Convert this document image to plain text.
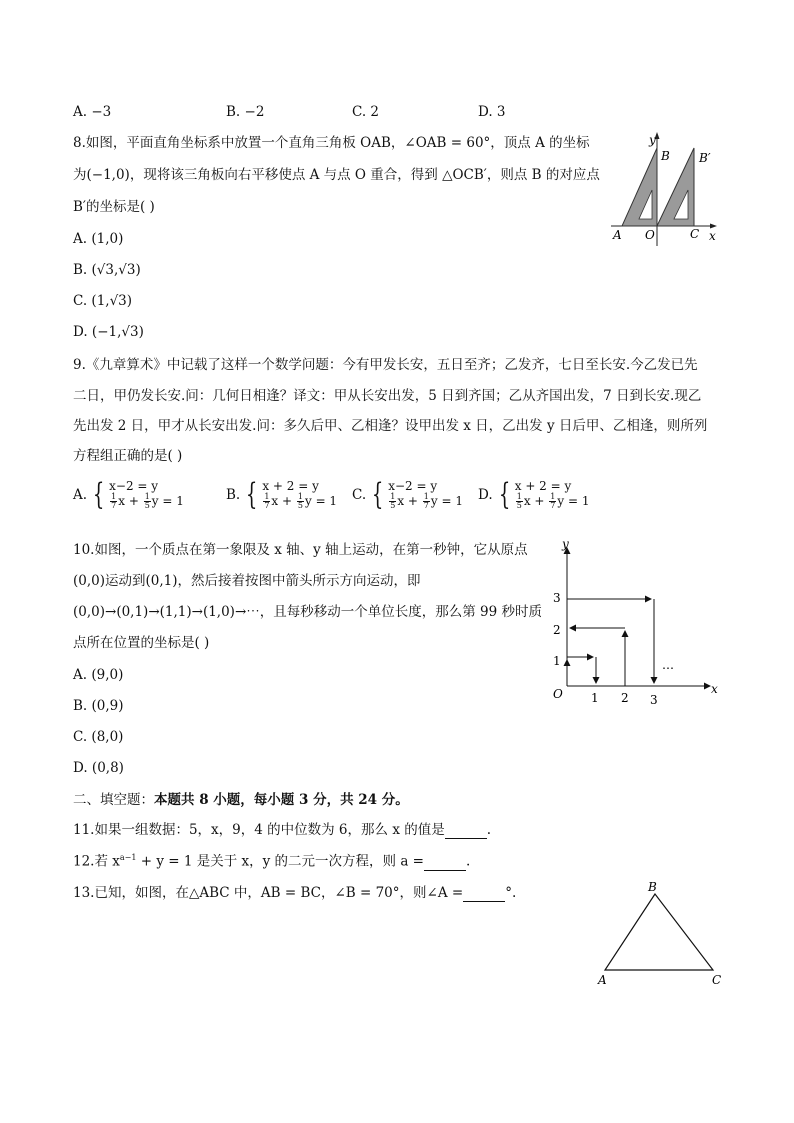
A. −3	B. −2	C. 2	D. 3
8.如图，平面直角坐标系中放置一个直角三角板 OAB，∠OAB = 60°，顶点 A 的坐标
为(−1,0)，现将该三角板向右平移使点 A 与点 O 重合，得到 △OCB′，则点 B 的对应点
B′的坐标是( )
A. (1,0)
B. (√3,√3)
C. (1,√3)
D. (−1,√3)
y
B B′
A O	C x
9.《九章算术》中记载了这样一个数学问题：今有甲发长安，五日至齐；乙发齐，七日至长安.今乙发已先
二日，甲仍发长安.问：几何日相逢？译文：甲从长安出发，5 日到齐国；乙从齐国出发，7 日到长安.现乙
先出发 2 日，甲才从长安出发.问：多久后甲、乙相逢？设甲出发 x 日，乙出发 y 日后甲、乙相逢，则所列
方程组正确的是( )
A. { x−2 = y
$\frac{1}{7}$ $x + \frac{1}{5}$ y = 1	B. { x + 2 = y
$\frac{1}{7}$ $x + \frac{1}{5}$ y = 1 C. { x−2 = y
$\frac{1}{5}$ $x + \frac{1}{7}$ y = 1 D. { x + 2 = y
$\frac{1}{5}$ $x + \frac{1}{7}$ y = 1
10.如图，一个质点在第一象限及 x 轴、y 轴上运动，在第一秒钟，它从原点
(0,0)运动到(0,1)，然后接着按图中箭头所示方向运动，即
(0,0)→(0,1)→(1,1)→(1,0)→⋯，且每秒移动一个单位长度，那么第 99 秒时质
点所在位置的坐标是( )
A. (9,0)
B. (0,9)
C. (8,0)
D. (0,8)
y
x
O
1
2
3
1 2 3
⋯
二、填空题：本题共 8 小题，每小题 3 分，共 24 分。
11.如果一组数据：5，x，9，4 的中位数为 6，那么 x 的值是	.
12.若 $x^{a-1} + y = 1$ 是关于 x，y 的二元一次方程，则 a =	.
13.已知，如图，在△ABC 中，AB = BC，∠B = 70°，则∠A =	°.	B
A	C
